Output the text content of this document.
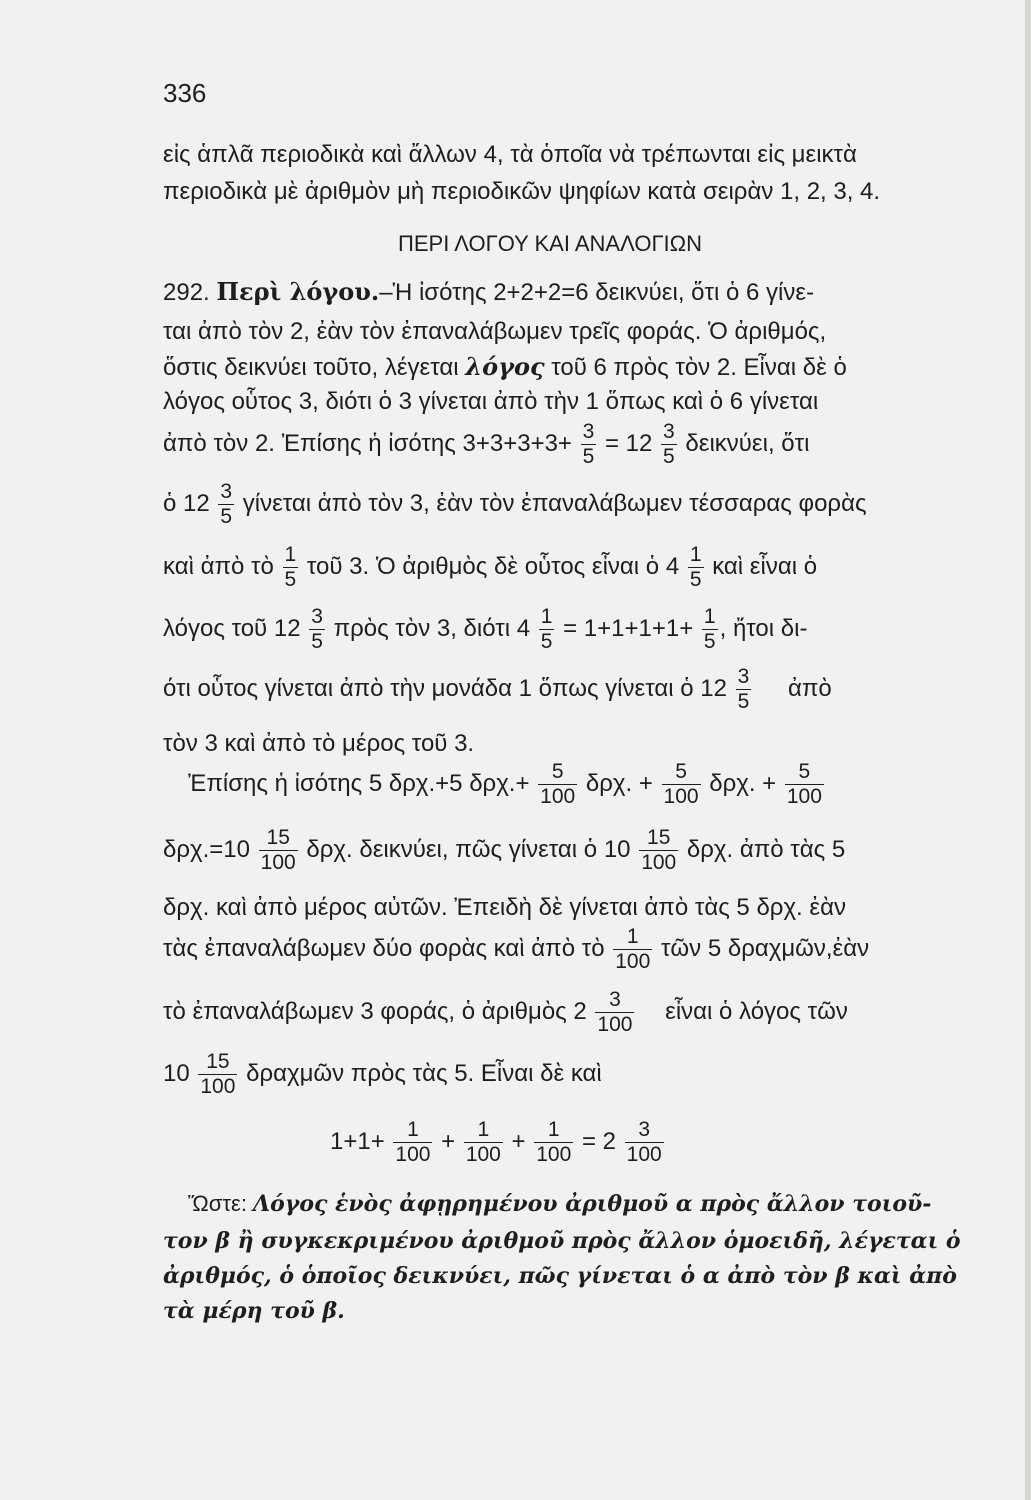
336
εἰς ἁπλᾶ περιοδικὰ καὶ ἄλλων 4, τὰ ὁποῖα νὰ τρέπωνται εἰς μεικτὰ
περιοδικὰ μὲ ἀριθμὸν μὴ περιοδικῶν ψηφίων κατὰ σειρὰν 1, 2, 3, 4.
ΠΕΡΙ ΛΟΓΟΥ ΚΑΙ ΑΝΑΛΟΓΙΩΝ
292. Περὶ λόγου.–Ἡ ἰσότης 2+2+2=6 δεικνύει, ὅτι ὁ 6 γίνε-
ται ἀπὸ τὸν 2, ἐὰν τὸν ἐπαναλάβωμεν τρεῖς φοράς. Ὁ ἀριθμός,
ὅστις δεικνύει τοῦτο, λέγεται λόγος τοῦ 6 πρὸς τὸν 2. Εἶναι δὲ ὁ
λόγος οὗτος 3, διότι ὁ 3 γίνεται ἀπὸ τὴν 1 ὅπως καὶ ὁ 6 γίνεται
ἀπὸ τὸν 2. Ἐπίσης ἡ ἰσότης $3+3+3+3+ \frac{3}{5} = 12 \frac{3}{5} \delta\varepsilon\iota\kappa\nu ύ\varepsilon\iota$, ὅτι
ὁ $12 \frac{3}{5}$ γίνεται ἀπὸ τὸν 3, ἐὰν τὸν ἐπαναλάβωμεν τέσσαρας φορὰς
καὶ ἀπὸ τὸ $\frac{1}{5}$ τοῦ 3. Ὁ ἀριθμὸς δὲ οὗτος εἶναι ὁ $4 \frac{1}{5}$ καὶ εἶναι ὁ
λόγος τοῦ $12 \frac{3}{5}$ πρὸς τὸν 3, διότι $4 \frac{1}{5} = 1+1+1+1+ \frac{1}{5}$ , ἤτοι δι-
ότι οὗτος γίνεται ἀπὸ τὴν μονάδα 1 ὅπως γίνεται ὁ $12 \frac{3}{5}$ ἀπὸ
τὸν 3 καὶ ἀπὸ τὸ μέρος τοῦ 3.
Ἐπίσης ἡ ἰσότης 5 δρχ.+5 $\delta\rho\chi.+ \frac{5}{100} \delta\rho\chi$. + $\frac{5}{100} \delta\rho\chi$. + $\frac{5}{100}$
$\delta\rho\chi.=10 \frac{15}{100} \delta\rho\chi$. δεικνύει, πῶς γίνεται ὁ $10 \frac{15}{100} \delta\rho\chi$. ἀπὸ τὰς 5
δρχ. καὶ ἀπὸ μέρος αὐτῶν. Ἐπειδὴ δὲ γίνεται ἀπὸ τὰς 5 δρχ. ἐὰν
τὰς ἐπαναλάβωμεν δύο φορὰς καὶ ἀπὸ τὸ $\frac{1}{100}$ τῶν 5 δραχμῶν,ἐὰν
τὸ ἐπαναλάβωμεν 3 φοράς, ὁ ἀριθμὸς $2 \frac{3}{100}$ εἶναι ὁ λόγος τῶν
$10 \frac{15}{100}$ δραχμῶν πρὸς τὰς 5. Εἶναι δὲ καὶ
$1+1+ \frac{1}{100} + \frac{1}{100} + \frac{1}{100} = 2 \frac{3}{100}$
Ὥστε: Λόγος ἑνὸς ἀφῃρημένου ἀριθμοῦ α πρὸς ἄλλον τοιοῦ-
τον β ἢ συγκεκριμένου ἀριθμοῦ πρὸς ἄλλον ὁμοειδῆ, λέγεται ὁ
ἀριθμός, ὁ ὁποῖος δεικνύει, πῶς γίνεται ὁ α ἀπὸ τὸν β καὶ ἀπὸ
τὰ μέρη τοῦ β.
